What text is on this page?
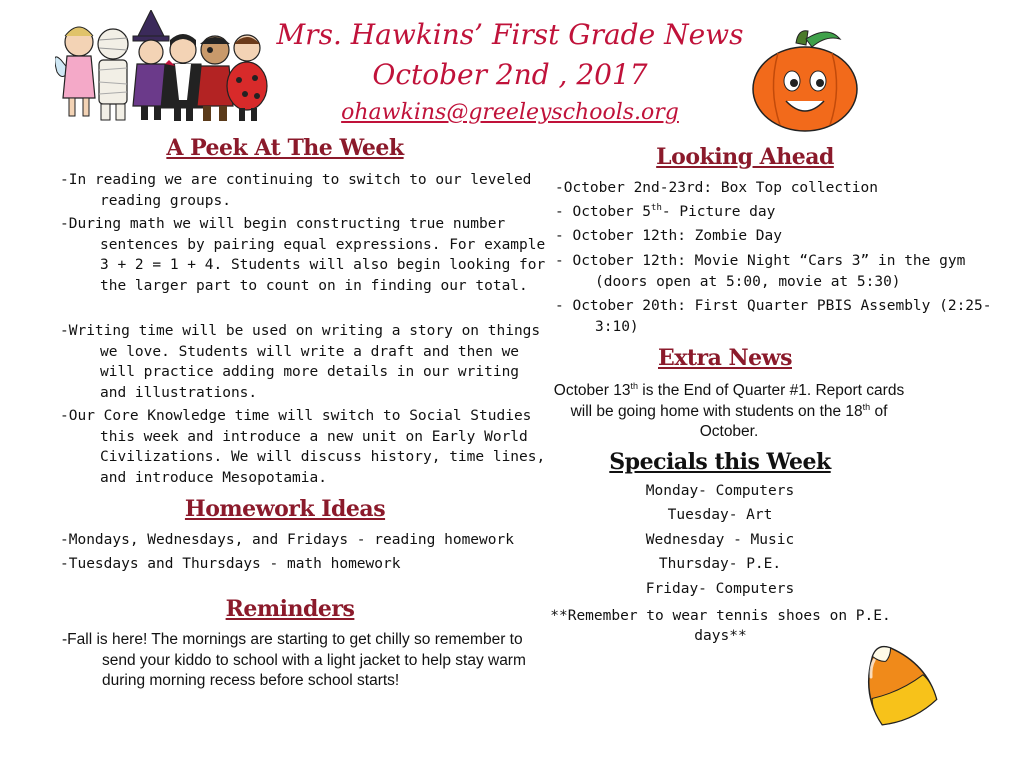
Mrs. Hawkins’ First Grade News
October 2nd , 2017
ohawkins@greeleyschools.org
A Peek At The Week
-In reading we are continuing to switch to our leveled reading groups.
-During math we will begin constructing true number sentences by pairing equal expressions. For example 3 + 2 = 1 + 4. Students will also begin looking for the larger part to count on in finding our total.
-Writing time will be used on writing a story on things we love. Students will write a draft and then we will practice adding more details in our writing and illustrations.
-Our Core Knowledge time will switch to Social Studies this week and introduce a new unit on Early World Civilizations. We will discuss history, time lines, and introduce Mesopotamia.
Homework Ideas
-Mondays, Wednesdays, and Fridays - reading homework
-Tuesdays and Thursdays - math homework
Reminders
-Fall is here! The mornings are starting to get chilly so remember to send your kiddo to school with a light jacket to help stay warm during morning recess before school starts!
Looking Ahead
-October 2nd-23rd: Box Top collection
- October 5th- Picture day
- October 12th: Zombie Day
- October 12th: Movie Night “Cars 3” in the gym (doors open at 5:00, movie at 5:30)
- October 20th: First Quarter PBIS Assembly (2:25-3:10)
Extra News
October 13th is the End of Quarter #1. Report cards will be going home with students on the 18th of October.
Specials this Week
Monday- Computers
Tuesday- Art
Wednesday - Music
Thursday- P.E.
Friday- Computers
**Remember to wear tennis shoes on P.E. days**
